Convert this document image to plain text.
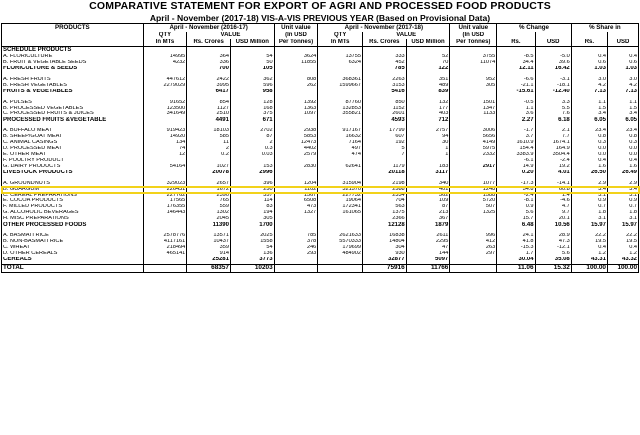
COMPARATIVE STATEMENT FOR EXPORT OF AGRI AND PROCESSED FOOD PRODUCTS
April - November (2017-18) VIS-A-VIS PREVIOUS YEAR (Based on Provisional Data)
PRODUCTS	April - November (2016-17)			Unit value	April - November (2017-18)			Unit value	% Change		% Share in	
	QTY	VALUE		(In USD	QTY	VALUE		(In USD				
	In MTs	Rs. Crores	USD Million	Per Tonnes)	In MTs	Rs. Crores	USD Million	Per Tonnes)	Rs.	USD	Rs.	USD
SCHEDULE PRODUCTS												
A. FLORICULTURE	14995	364	54	3624	13755	333	52	3755	-8.5	-5.0	0.4	0.4
B. FRUIT & VEGETABLE SEEDS	4232	336	50	11855	6324	452	70	11074	34.4	39.6	0.6	0.6
FLORICULTURE & SEEDS		700	105			785	122		12.11	16.42	1.03	1.03

A. FRESH FRUITS	447612	2422	362	808	368361	2263	351	952	-6.6	-3.1	3.0	3.0
B. FRESH VEGETABLES	2279029	3995	596	262	1599667	3153	489	305	-21.1	-18.1	4.2	4.2
FRUITS & VEGETABLES		6417	958			5416	839		-15.61	-12.40	7.13	7.13

A. PULSES	91652	854	128	1392	87760	850	132	1501	-0.5	3.3	1.1	1.1
B. PROCESSED VEGETABLES	123500	1127	168	1363	132853	1152	177	1347	1.1	5.5	1.5	1.5
C. PROCESSED FRUITS & JUICES	341649	2510	375	1097	355821	2601	403	1133	3.6	7.6	3.4	3.4
PROCESSED FRUITS &VEGETABLE		4491	671			4593	712		2.27	6.18	6.05	6.05

A. BUFFALO MEAT	919423	18103	2702	2938	917167	17799	2757	3006	-1.7	2.1	23.4	23.4
B. SHEEP/GOAT MEAT	14920	585	87	5853	16632	607	94	5656	3.7	7.7	0.8	0.8
C. ANIMAL CASINGS	134	11	2	12473	7164	192	30	4149	1610.9	1674.1	0.3	0.3
D. PROCESSED MEAT	74	2	0.3	4402	497	5	1	5975	154.4	164.9	0.0	0.0
E. OTHER MEAT	12	0.2	0.03	2579	474	7	1	2332	3383.9	3504.4	0.0	0.0
F. POULTRY PRODUCT									-6.1	-2.4	0.4	0.4
G. DAIRY PRODUCTS	54164	1027	153	2830	62641	1179	183	2917	14.9	19.2	1.6	1.6
LIVESTOCK PRODUCTS		20078	2996			20118	3117		0.20	4.01	26.50	26.49

A. GROUNDNUTS	329023	2657	396	1204	315904	2198	340	1077	-17.3	-14.1	2.9	2.9
B. GUARGUM	226431	1672	250	1102	321570	2588	401	1248	54.8	60.8	3.4	3.4
C. CEREAL PREPARATIONS	227762	2390	357	1567	227732	2334	362	1588	-2.4	1.4	3.1	3.1
E. COCOA PRODUCTS	17565	765	114	6508	19064	704	109	5720	-8.1	-4.6	0.9	0.9
F. MILLED PRODUCTS	176355	559	83	473	172341	563	87	507	0.9	4.7	0.7	0.7
G. ALCOHOLIC BEVERAGES	146443	1302	194	1327	161065	1375	213	1325	5.6	9.7	1.8	1.8
H. MISC PREPARATIONS		2045	305			2366	367		15.7	20.1	3.1	3.1
OTHER PROCESSED FOODS		11390	1700			12128	1879		6.48	10.56	15.97	15.97

A. BASMATI RICE	2578776	13571	2025	785	2621633	16838	2611	996	24.1	28.9	22.2	22.2
B. NON-BASMATI RICE	4117161	10437	1558	378	5570333	14804	2295	412	41.8	47.3	19.5	19.5
C. WHEAT	218494	359	54	246	179699	304	47	263	-15.3	-12.1	0.4	0.4
D. OTHER CEREALS	465141	914	136	293	484902	930	144	297	1.7	5.6	1.2	1.2
CEREALS		25281	3773			32877	5097		30.04	35.08	43.31	43.32
TOTAL		68357	10203			75916	11766		11.06	15.32	100.00	100.00
